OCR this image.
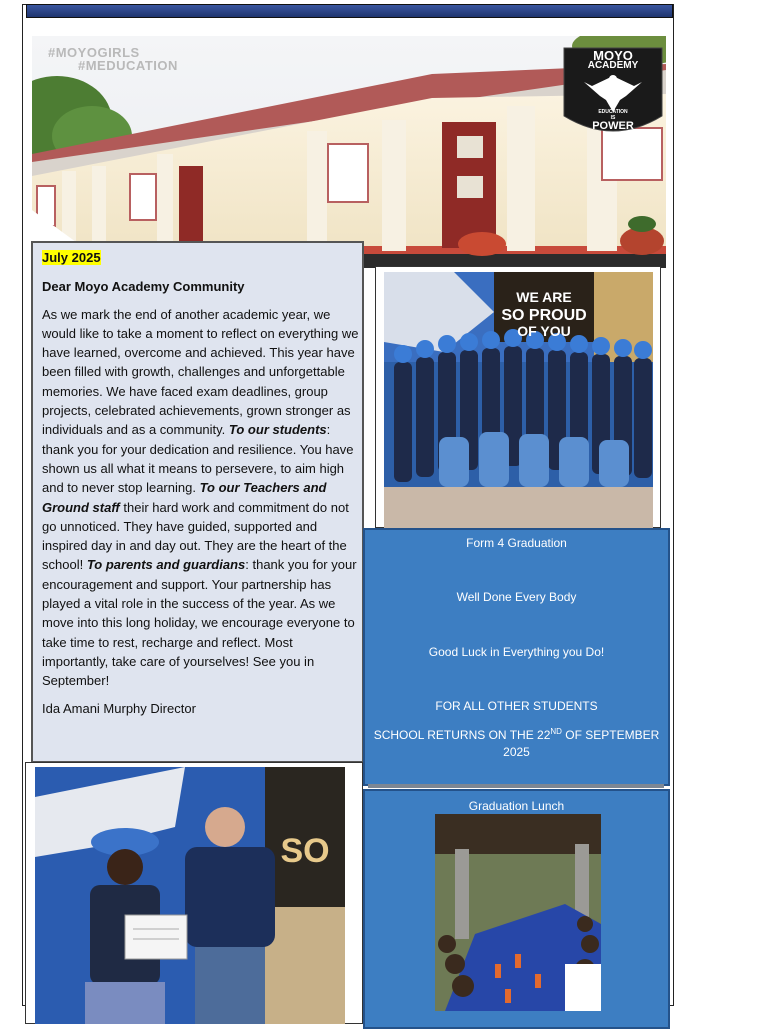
#MOYOGIRLS
#MEDUCATION
MOYO
ACADEMY
EDUCATION
IS
POWER

July 2025

Dear Moyo Academy Community

As we mark the end of another academic year, we would like to take a moment to reflect on everything we have learned, overcome and achieved. This year have been filled with growth, challenges and unforgettable memories. We have faced exam deadlines, group projects, celebrated achievements, grown stronger as individuals and as a community. To our students: thank you for your dedication and resilience. You have shown us all what it means to persevere, to aim high and to never stop learning. To our Teachers and Ground staff their hard work and commitment do not go unnoticed. They have guided, supported and inspired day in and day out. They are the heart of the school! To parents and guardians: thank you for your encouragement and support. Your partnership has played a vital role in the success of the year. As we move into this long holiday, we encourage everyone to take time to rest, recharge and reflect. Most importantly, take care of yourselves! See you in September!

Ida Amani Murphy Director

WE ARE
SO PROUD
OF YOU
Form 4 Graduation
Well Done Every Body
Good Luck in Everything you Do!
FOR ALL OTHER STUDENTS
SCHOOL RETURNS ON THE 22ND OF SEPTEMBER
2025
Graduation Lunch
SO
